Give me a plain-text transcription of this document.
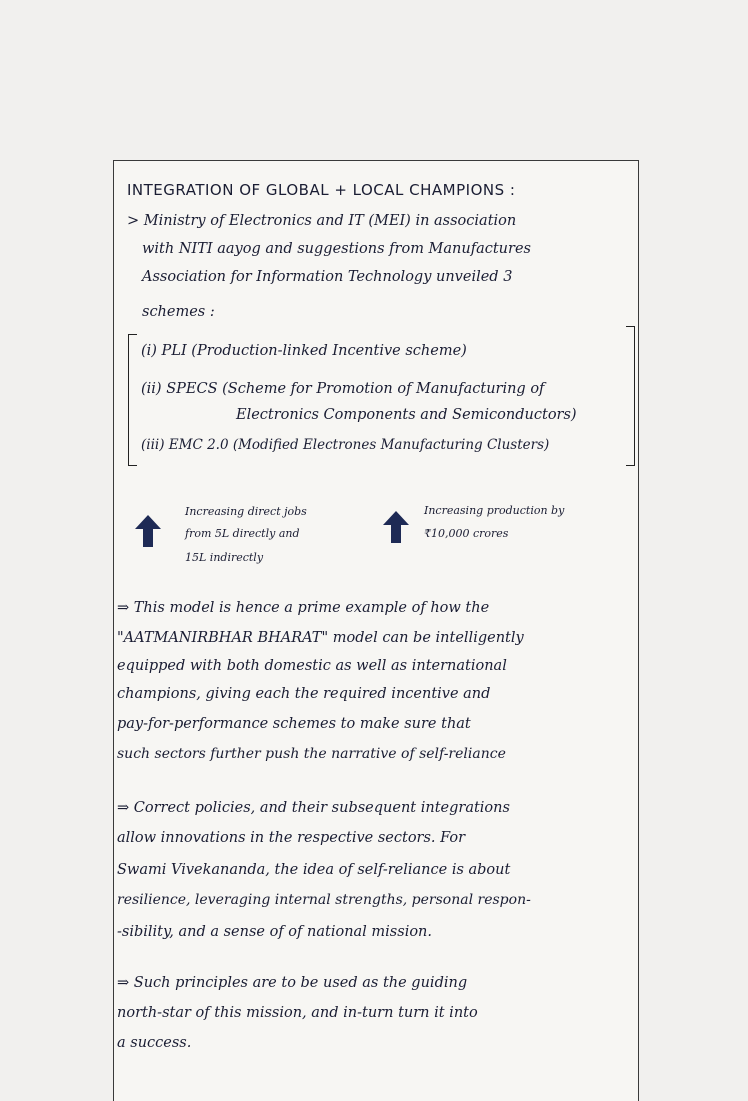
INTEGRATION OF GLOBAL + LOCAL CHAMPIONS :
> Ministry of Electronics and IT (MEI) in association
with NITI aayog and suggestions from Manufactures
Association for Information Technology unveiled 3
schemes :
(i) PLI (Production-linked Incentive scheme)
(ii) SPECS (Scheme for Promotion of Manufacturing of
Electronics Components and Semiconductors)
(iii) EMC 2.0 (Modified Electrones Manufacturing Clusters)
Increasing direct jobs
from 5L directly and
15L indirectly
Increasing production by
₹10,000 crores
⇒ This model is hence a prime example of how the
"AATMANIRBHAR BHARAT" model can be intelligently
equipped with both domestic as well as international
champions, giving each the required incentive and
pay-for-performance schemes to make sure that
such sectors further push the narrative of self-reliance
⇒ Correct policies, and their subsequent integrations
allow innovations in the respective sectors. For
Swami Vivekananda, the idea of self-reliance is about
resilience, leveraging internal strengths, personal respon-
-sibility, and a sense of of national mission.
⇒ Such principles are to be used as the guiding
north-star of this mission, and in-turn turn it into
a success.
